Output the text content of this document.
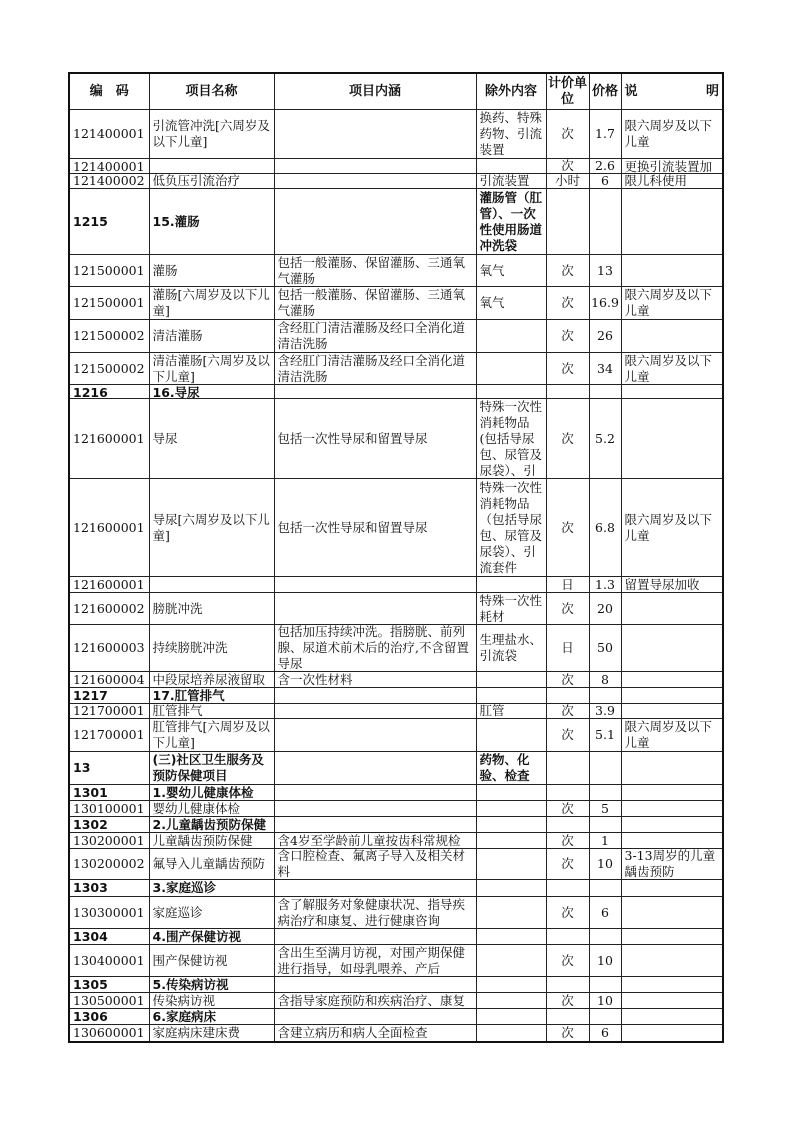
编　码	项目名称	项目内涵	除外内容	计价单位	价格	说 明

121400001	引流管冲洗[六周岁及以下儿童]		换药、特殊药物、引流装置	次	1.7	限六周岁及以下儿童

121400001				次	2.6	更换引流装置加

121400002	低负压引流治疗		引流装置	小时	6	限儿科使用

1215	15.灌肠		灌肠管（肛管）、一次性使用肠道冲洗袋			

121500001	灌肠	包括一般灌肠、保留灌肠、三通氧气灌肠	氧气	次	13	

121500001	灌肠[六周岁及以下儿童]	包括一般灌肠、保留灌肠、三通氧气灌肠	氧气	次	16.9	限六周岁及以下儿童

121500002	清洁灌肠	含经肛门清洁灌肠及经口全消化道清洁洗肠		次	26	

121500002	清洁灌肠[六周岁及以下儿童]	含经肛门清洁灌肠及经口全消化道清洁洗肠		次	34	限六周岁及以下儿童

1216	16.导尿					

121600001	导尿	包括一次性导尿和留置导尿	特殊一次性消耗物品(包括导尿包、尿管及尿袋）、引	次	5.2	

121600001	导尿[六周岁及以下儿童]	包括一次性导尿和留置导尿	特殊一次性消耗物品（包括导尿包、尿管及尿袋）、引流套件	次	6.8	限六周岁及以下儿童

121600001				日	1.3	留置导尿加收

121600002	膀胱冲洗		特殊一次性耗材	次	20	

121600003	持续膀胱冲洗	包括加压持续冲洗。指膀胱、前列腺、尿道术前术后的治疗,不含留置导尿	生理盐水、引流袋	日	50	

121600004	中段尿培养尿液留取	含一次性材料		次	8	

1217	17.肛管排气					

121700001	肛管排气		肛管	次	3.9	

121700001	肛管排气[六周岁及以下儿童]			次	5.1	限六周岁及以下儿童

13	(三)社区卫生服务及预防保健项目		药物、化验、检查			

1301	1.婴幼儿健康体检					

130100001	婴幼儿健康体检			次	5	

1302	2.儿童龋齿预防保健					

130200001	儿童龋齿预防保健	含4岁至学龄前儿童按齿科常规检		次	1	

130200002	氟导入儿童龋齿预防	含口腔检查、氟离子导入及相关材料		次	10	3-13周岁的儿童龋齿预防

1303	3.家庭巡诊					

130300001	家庭巡诊	含了解服务对象健康状况、指导疾病治疗和康复、进行健康咨询		次	6	

1304	4.围产保健访视					

130400001	围产保健访视	含出生至满月访视，对围产期保健进行指导，如母乳喂养、产后		次	10	

1305	5.传染病访视					

130500001	传染病访视	含指导家庭预防和疾病治疗、康复		次	10	

1306	6.家庭病床					

130600001	家庭病床建床费	含建立病历和病人全面检查		次	6	
